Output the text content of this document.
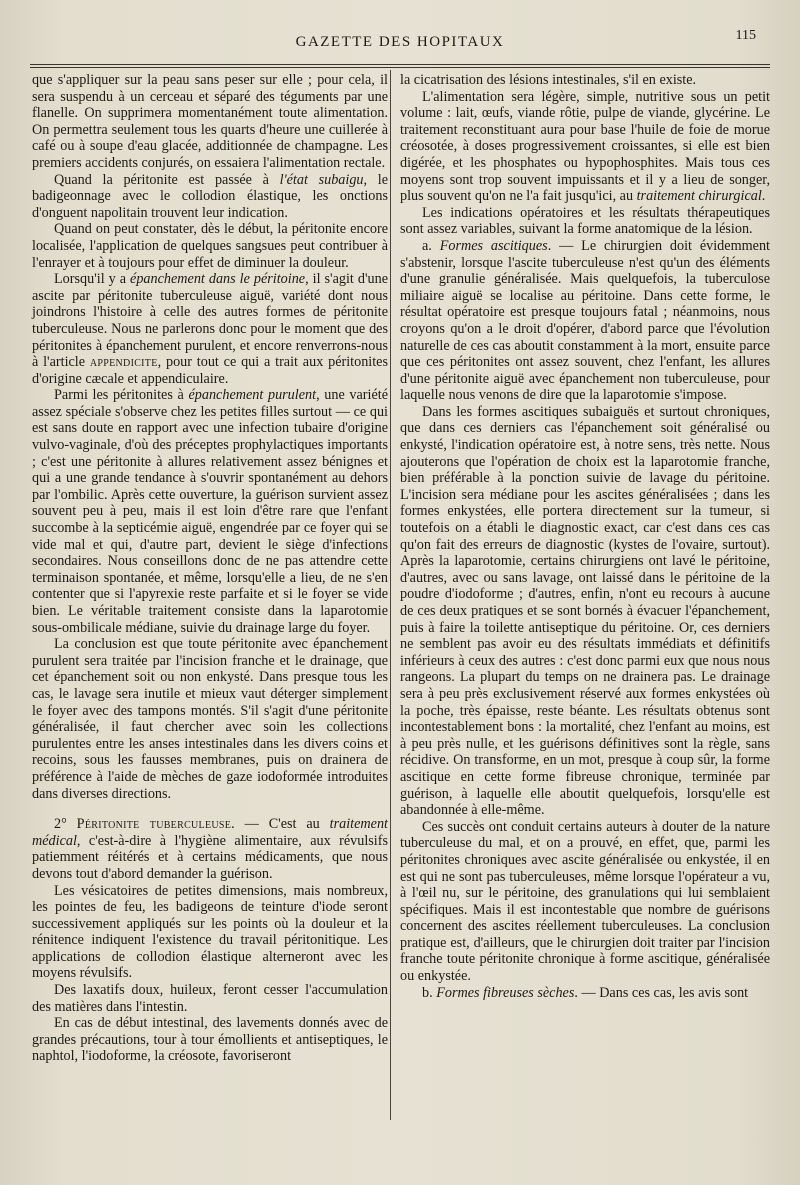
GAZETTE DES HOPITAUX	115

que s'appliquer sur la peau sans peser sur elle ; pour cela, il sera suspendu à un cerceau et séparé des téguments par une flanelle. On supprimera momentanément toute alimentation. On permettra seulement tous les quarts d'heure une cuillerée à café ou à soupe d'eau glacée, additionnée de champagne. Les premiers accidents conjurés, on essaiera l'alimentation rectale.

Quand la péritonite est passée à l'état subaigu, le badigeonnage avec le collodion élastique, les onctions d'onguent napolitain trouvent leur indication.

Quand on peut constater, dès le début, la péritonite encore localisée, l'application de quelques sangsues peut contribuer à l'enrayer et à toujours pour effet de diminuer la douleur.

Lorsqu'il y a épanchement dans le péritoine, il s'agit d'une ascite par péritonite tuberculeuse aiguë, variété dont nous joindrons l'histoire à celle des autres formes de péritonite tuberculeuse. Nous ne parlerons donc pour le moment que des péritonites à épanchement purulent, et encore renverrons-nous à l'article appendicite, pour tout ce qui a trait aux péritonites d'origine cæcale et appendiculaire.

Parmi les péritonites à épanchement purulent, une variété assez spéciale s'observe chez les petites filles surtout — ce qui est sans doute en rapport avec une infection tubaire d'origine vulvo-vaginale, d'où des préceptes prophylactiques importants ; c'est une péritonite à allures relativement assez bénignes et qui a une grande tendance à s'ouvrir spontanément au dehors par l'ombilic. Après cette ouverture, la guérison survient assez souvent peu à peu, mais il est loin d'être rare que l'enfant succombe à la septicémie aiguë, engendrée par ce foyer qui se vide mal et qui, d'autre part, devient le siège d'infections secondaires. Nous conseillons donc de ne pas attendre cette terminaison spontanée, et même, lorsqu'elle a lieu, de ne s'en contenter que si l'apyrexie reste parfaite et si le foyer se vide bien. Le véritable traitement consiste dans la laparotomie sous-ombilicale médiane, suivie du drainage large du foyer.

La conclusion est que toute péritonite avec épanchement purulent sera traitée par l'incision franche et le drainage, que cet épanchement soit ou non enkysté. Dans presque tous les cas, le lavage sera inutile et mieux vaut déterger simplement le foyer avec des tampons montés. S'il s'agit d'une péritonite généralisée, il faut chercher avec soin les collections purulentes entre les anses intestinales dans les divers coins et recoins, sous les fausses membranes, puis on drainera de préférence à l'aide de mèches de gaze iodoformée introduites dans diverses directions.

2° Péritonite tuberculeuse. — C'est au traitement médical, c'est-à-dire à l'hygiène alimentaire, aux révulsifs patiemment réitérés et à certains médicaments, que nous devons tout d'abord demander la guérison.

Les vésicatoires de petites dimensions, mais nombreux, les pointes de feu, les badigeons de teinture d'iode seront successivement appliqués sur les points où la douleur et la rénitence indiquent l'existence du travail péritonitique. Les applications de collodion élastique alterneront avec les moyens révulsifs.

Des laxatifs doux, huileux, feront cesser l'accumulation des matières dans l'intestin.

En cas de début intestinal, des lavements donnés avec de grandes précautions, tour à tour émollients et antiseptiques, le naphtol, l'iodoforme, la créosote, favoriseront

la cicatrisation des lésions intestinales, s'il en existe.

L'alimentation sera légère, simple, nutritive sous un petit volume : lait, œufs, viande rôtie, pulpe de viande, glycérine. Le traitement reconstituant aura pour base l'huile de foie de morue créosotée, à doses progressivement croissantes, si elle est bien digérée, et les phosphates ou hypophosphites. Mais tous ces moyens sont trop souvent impuissants et il y a lieu de songer, plus souvent qu'on ne l'a fait jusqu'ici, au traitement chirurgical.

Les indications opératoires et les résultats thérapeutiques sont assez variables, suivant la forme anatomique de la lésion.

a. Formes ascitiques. — Le chirurgien doit évidemment s'abstenir, lorsque l'ascite tuberculeuse n'est qu'un des éléments d'une granulie généralisée. Mais quelquefois, la tuberculose miliaire aiguë se localise au péritoine. Dans cette forme, le résultat opératoire est presque toujours fatal ; néanmoins, nous croyons qu'on a le droit d'opérer, d'abord parce que l'évolution naturelle de ces cas aboutit constamment à la mort, ensuite parce que ces péritonites ont assez souvent, chez l'enfant, les allures d'une péritonite aiguë avec épanchement non tuberculeuse, pour laquelle nous venons de dire que la laparotomie s'impose.

Dans les formes ascitiques subaiguës et surtout chroniques, que dans ces derniers cas l'épanchement soit généralisé ou enkysté, l'indication opératoire est, à notre sens, très nette. Nous ajouterons que l'opération de choix est la laparotomie franche, bien préférable à la ponction suivie de lavage du péritoine. L'incision sera médiane pour les ascites généralisées ; dans les formes enkystées, elle portera directement sur la tumeur, si toutefois on a établi le diagnostic exact, car c'est dans ces cas qu'on fait des erreurs de diagnostic (kystes de l'ovaire, surtout). Après la laparotomie, certains chirurgiens ont lavé le péritoine, d'autres, avec ou sans lavage, ont laissé dans le péritoine de la poudre d'iodoforme ; d'autres, enfin, n'ont eu recours à aucune de ces deux pratiques et se sont bornés à évacuer l'épanchement, puis à faire la toilette antiseptique du péritoine. Or, ces derniers ne semblent pas avoir eu des résultats immédiats et définitifs inférieurs à ceux des autres : c'est donc parmi eux que nous nous rangeons. La plupart du temps on ne drainera pas. Le drainage sera à peu près exclusivement réservé aux formes enkystées où la poche, très épaisse, reste béante. Les résultats obtenus sont incontestablement bons : la mortalité, chez l'enfant au moins, est à peu près nulle, et les guérisons définitives sont la règle, sans récidive. On transforme, en un mot, presque à coup sûr, la forme ascitique en cette forme fibreuse chronique, terminée par guérison, à laquelle elle aboutit quelquefois, lorsqu'elle est abandonnée à elle-même.

Ces succès ont conduit certains auteurs à douter de la nature tuberculeuse du mal, et on a prouvé, en effet, que, parmi les péritonites chroniques avec ascite généralisée ou enkystée, il en est qui ne sont pas tuberculeuses, même lorsque l'opérateur a vu, à l'œil nu, sur le péritoine, des granulations qui lui semblaient spécifiques. Mais il est incontestable que nombre de guérisons concernent des ascites réellement tuberculeuses. La conclusion pratique est, d'ailleurs, que le chirurgien doit traiter par l'incision franche toute péritonite chronique à forme ascitique, généralisée ou enkystée.

b. Formes fibreuses sèches. — Dans ces cas, les avis sont
